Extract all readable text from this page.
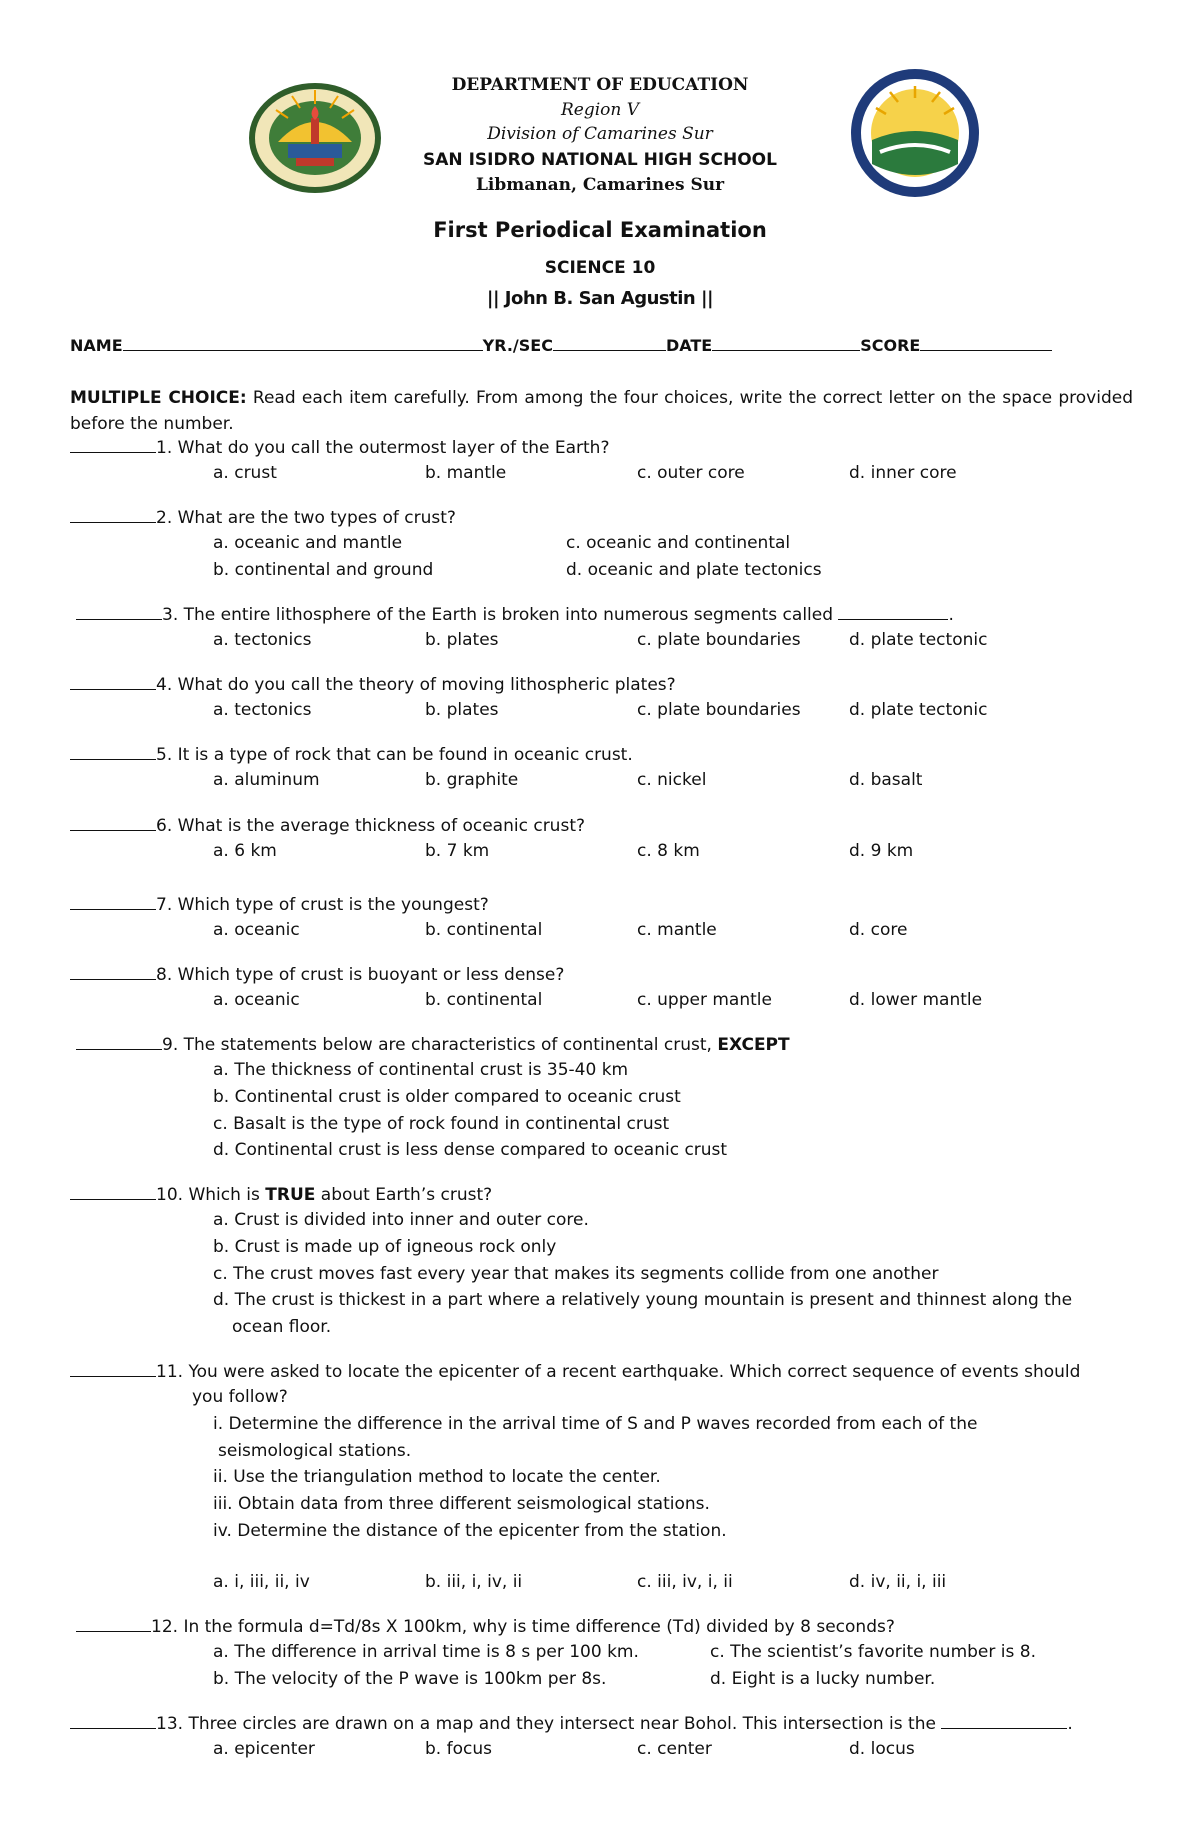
DEPARTMENT OF EDUCATION
Region V
Division of Camarines Sur
SAN ISIDRO NATIONAL HIGH SCHOOL
Libmanan, Camarines Sur
First Periodical Examination
SCIENCE 10
|| John B. San Agustin ||
NAME	YR./SEC	DATE	SCORE
MULTIPLE CHOICE: Read each item carefully. From among the four choices, write the correct letter on the space provided before the number.
1. What do you call the outermost layer of the Earth?
a. crust	b. mantle	c. outer core	d. inner core
2. What are the two types of crust?
a. oceanic and mantle	c. oceanic and continental
b. continental and ground	d. oceanic and plate tectonics
3. The entire lithosphere of the Earth is broken into numerous segments called	.
a. tectonics	b. plates	c. plate boundaries	d. plate tectonic
4. What do you call the theory of moving lithospheric plates?
a. tectonics	b. plates	c. plate boundaries	d. plate tectonic
5. It is a type of rock that can be found in oceanic crust.
a. aluminum	b. graphite	c. nickel	d. basalt
6. What is the average thickness of oceanic crust?
a. 6 km	b. 7 km	c. 8 km	d. 9 km
7. Which type of crust is the youngest?
a. oceanic	b. continental	c. mantle	d. core
8. Which type of crust is buoyant or less dense?
a. oceanic	b. continental	c. upper mantle	d. lower mantle
9. The statements below are characteristics of continental crust, EXCEPT
a. The thickness of continental crust is 35-40 km
b. Continental crust is older compared to oceanic crust
c. Basalt is the type of rock found in continental crust
d. Continental crust is less dense compared to oceanic crust
10. Which is TRUE about Earth’s crust?
a. Crust is divided into inner and outer core.
b. Crust is made up of igneous rock only
c. The crust moves fast every year that makes its segments collide from one another
d. The crust is thickest in a part where a relatively young mountain is present and thinnest along the
ocean floor.
11. You were asked to locate the epicenter of a recent earthquake. Which correct sequence of events should
you follow?
i. Determine the difference in the arrival time of S and P waves recorded from each of the
seismological stations.
ii. Use the triangulation method to locate the center.
iii. Obtain data from three different seismological stations.
iv. Determine the distance of the epicenter from the station.
a. i, iii, ii, iv	b. iii, i, iv, ii	c. iii, iv, i, ii	d. iv, ii, i, iii
12. In the formula d=Td/8s X 100km, why is time difference (Td) divided by 8 seconds?
a. The difference in arrival time is 8 s per 100 km.	c. The scientist’s favorite number is 8.
b. The velocity of the P wave is 100km per 8s.	d. Eight is a lucky number.
13. Three circles are drawn on a map and they intersect near Bohol. This intersection is the	.
a. epicenter	b. focus	c. center	d. locus
